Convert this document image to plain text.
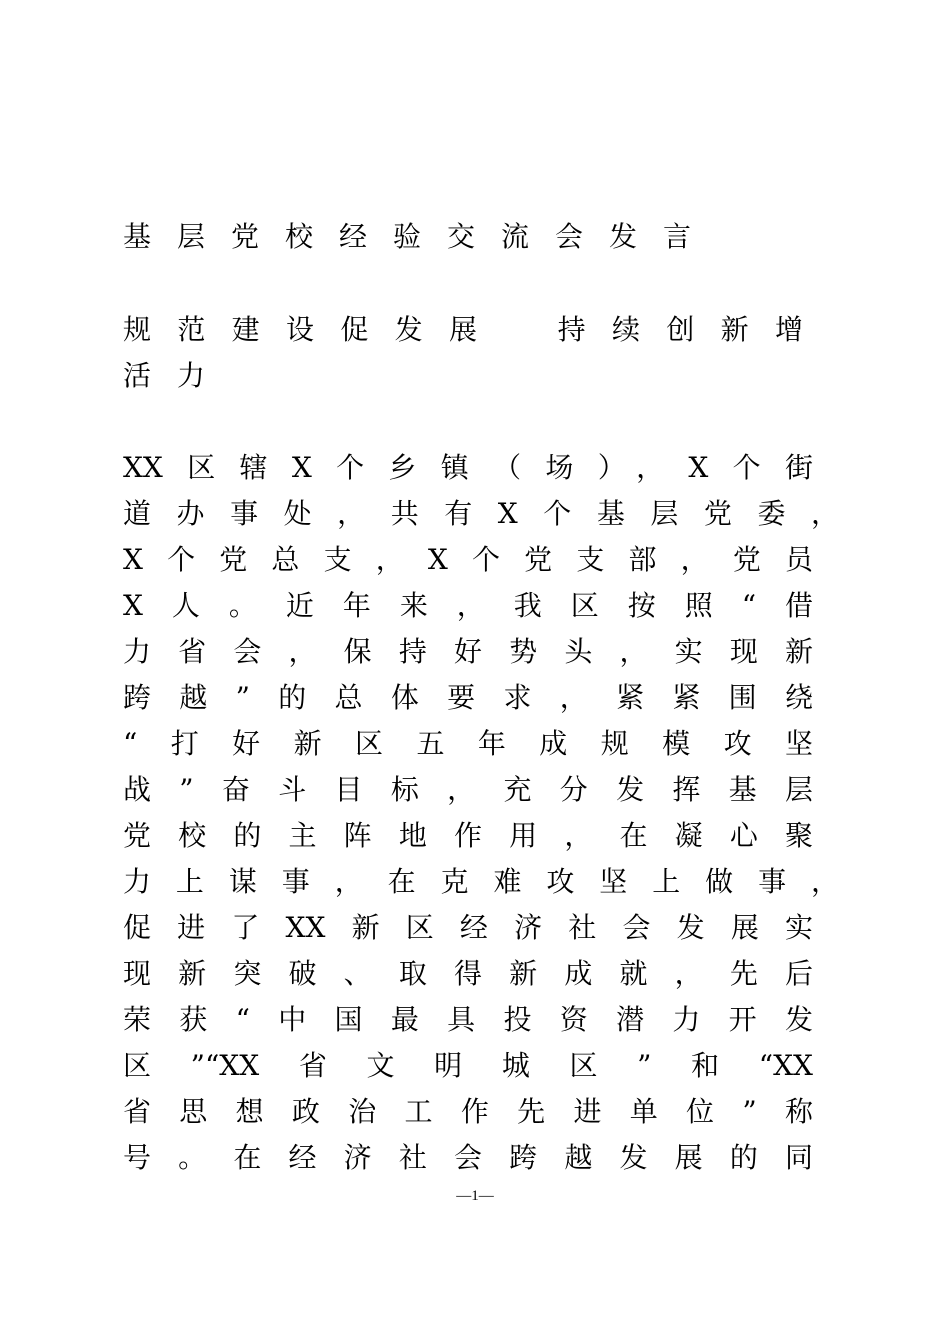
基层党校经验交流会发言
规范建设促发展　持续创新增
活力
XX区辖X个乡镇（场），X个街
道办事处，共有X个基层党委，
X个党总支，X个党支部，党员
X人。近年来，我区按照“借
力省会，保持好势头，实现新
跨越”的总体要求，紧紧围绕
“打好新区五年成规模攻坚
战”奋斗目标，充分发挥基层
党校的主阵地作用，在凝心聚
力上谋事，在克难攻坚上做事，
促进了XX新区经济社会发展实
现新突破、取得新成就，先后
荣获“中国最具投资潜力开发
区”“XX省文明城区”和“XX
省思想政治工作先进单位”称
号。在经济社会跨越发展的同
—1—
